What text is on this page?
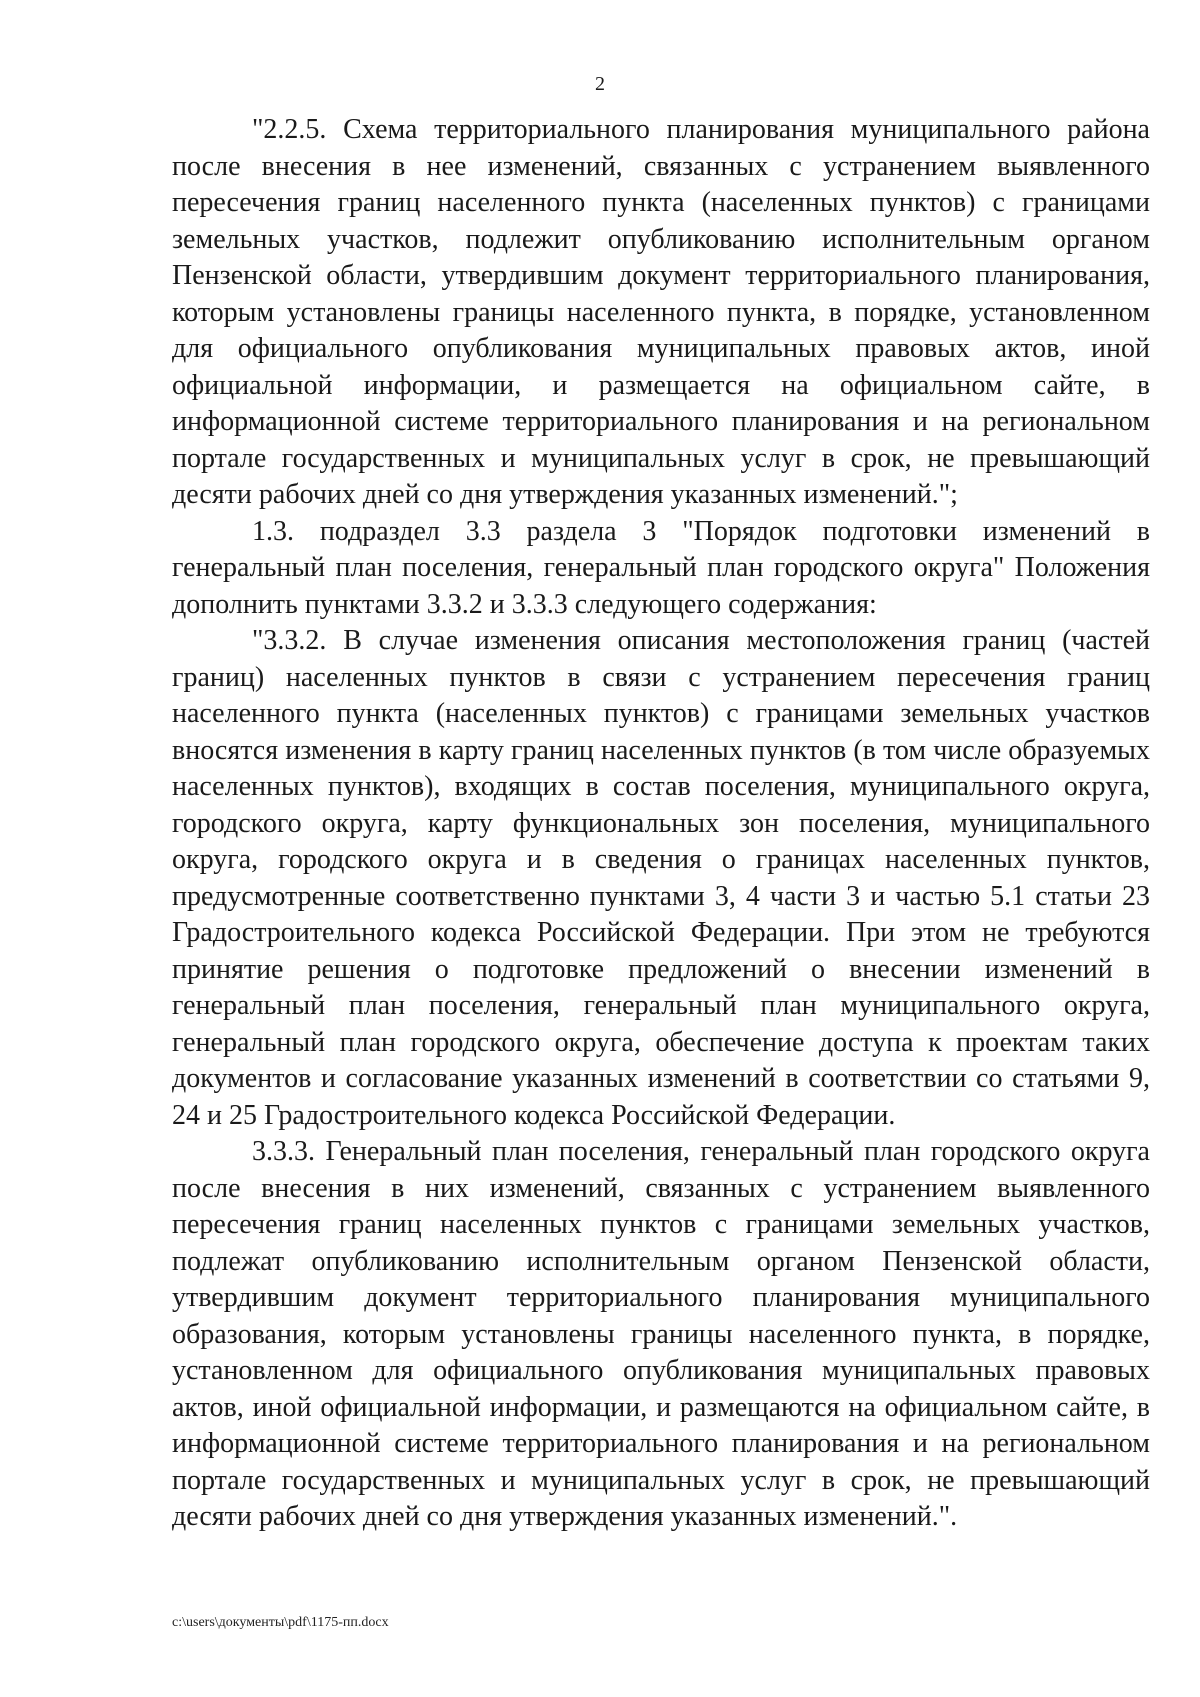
2

"2.2.5. Схема территориального планирования муниципального района после внесения в нее изменений, связанных с устранением выявленного пересечения границ населенного пункта (населенных пунктов) с границами земельных участков, подлежит опубликованию исполнительным органом Пензенской области, утвердившим документ территориального планирования, которым установлены границы населенного пункта, в порядке, установленном для официального опубликования муниципальных правовых актов, иной официальной информации, и размещается на официальном сайте, в информационной системе территориального планирования и на региональном портале государственных и муниципальных услуг в срок, не превышающий десяти рабочих дней со дня утверждения указанных изменений.";

1.3. подраздел 3.3 раздела 3 "Порядок подготовки изменений в генеральный план поселения, генеральный план городского округа" Положения дополнить пунктами 3.3.2 и 3.3.3 следующего содержания:

"3.3.2. В случае изменения описания местоположения границ (частей границ) населенных пунктов в связи с устранением пересечения границ населенного пункта (населенных пунктов) с границами земельных участков вносятся изменения в карту границ населенных пунктов (в том числе образуемых населенных пунктов), входящих в состав поселения, муниципального округа, городского округа, карту функциональных зон поселения, муниципального округа, городского округа и в сведения о границах населенных пунктов, предусмотренные соответственно пунктами 3, 4 части 3 и частью 5.1 статьи 23 Градостроительного кодекса Российской Федерации. При этом не требуются принятие решения о подготовке предложений о внесении изменений в генеральный план поселения, генеральный план муниципального округа, генеральный план городского округа, обеспечение доступа к проектам таких документов и согласование указанных изменений в соответствии со статьями 9, 24 и 25 Градостроительного кодекса Российской Федерации.

3.3.3. Генеральный план поселения, генеральный план городского округа после внесения в них изменений, связанных с устранением выявленного пересечения границ населенных пунктов с границами земельных участков, подлежат опубликованию исполнительным органом Пензенской области, утвердившим документ территориального планирования муниципального образования, которым установлены границы населенного пункта, в порядке, установленном для официального опубликования муниципальных правовых актов, иной официальной информации, и размещаются на официальном сайте, в информационной системе территориального планирования и на региональном портале государственных и муниципальных услуг в срок, не превышающий десяти рабочих дней со дня утверждения указанных изменений.".

c:\users\документы\pdf\1175-пп.docx
